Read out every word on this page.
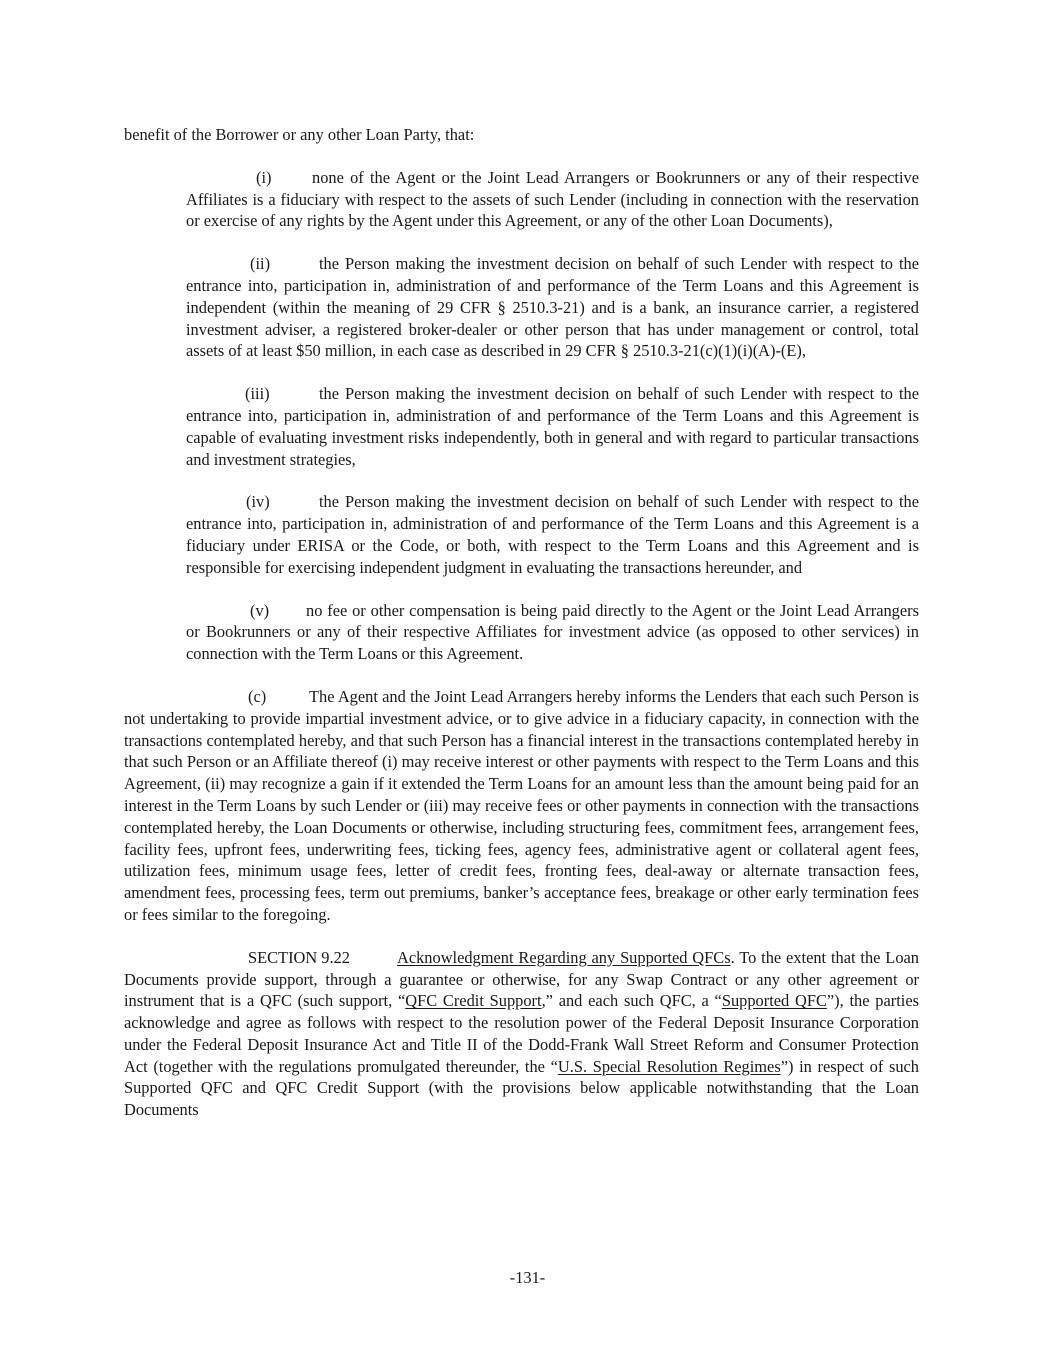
benefit of the Borrower or any other Loan Party, that:

(i) none of the Agent or the Joint Lead Arrangers or Bookrunners or any of their respective Affiliates is a fiduciary with respect to the assets of such Lender (including in connection with the reservation or exercise of any rights by the Agent under this Agreement, or any of the other Loan Documents),

(ii)	the Person making the investment decision on behalf of such Lender with respect to the entrance into, participation in, administration of and performance of the Term Loans and this Agreement is independent (within the meaning of 29 CFR § 2510.3-21) and is a bank, an insurance carrier, a registered investment adviser, a registered broker-dealer or other person that has under management or control, total assets of at least $50 million, in each case as described in 29 CFR § 2510.3-21(c)(1)(i)(A)-(E),

(iii)	the Person making the investment decision on behalf of such Lender with respect to the entrance into, participation in, administration of and performance of the Term Loans and this Agreement is capable of evaluating investment risks independently, both in general and with regard to particular transactions and investment strategies,

(iv)	the Person making the investment decision on behalf of such Lender with respect to the entrance into, participation in, administration of and performance of the Term Loans and this Agreement is a fiduciary under ERISA or the Code, or both, with respect to the Term Loans and this Agreement and is responsible for exercising independent judgment in evaluating the transactions hereunder, and

(v) no fee or other compensation is being paid directly to the Agent or the Joint Lead Arrangers or Bookrunners or any of their respective Affiliates for investment advice (as opposed to other services) in connection with the Term Loans or this Agreement.

(c)	The Agent and the Joint Lead Arrangers hereby informs the Lenders that each such Person is not undertaking to provide impartial investment advice, or to give advice in a fiduciary capacity, in connection with the transactions contemplated hereby, and that such Person has a financial interest in the transactions contemplated hereby in that such Person or an Affiliate thereof (i) may receive interest or other payments with respect to the Term Loans and this Agreement, (ii) may recognize a gain if it extended the Term Loans for an amount less than the amount being paid for an interest in the Term Loans by such Lender or (iii) may receive fees or other payments in connection with the transactions contemplated hereby, the Loan Documents or otherwise, including structuring fees, commitment fees, arrangement fees, facility fees, upfront fees, underwriting fees, ticking fees, agency fees, administrative agent or collateral agent fees, utilization fees, minimum usage fees, letter of credit fees, fronting fees, deal-away or alternate transaction fees, amendment fees, processing fees, term out premiums, banker’s acceptance fees, breakage or other early termination fees or fees similar to the foregoing.

SECTION 9.22	Acknowledgment Regarding any Supported QFCs. To the extent that the Loan Documents provide support, through a guarantee or otherwise, for any Swap Contract or any other agreement or instrument that is a QFC (such support, “QFC Credit Support,” and each such QFC, a “Supported QFC”), the parties acknowledge and agree as follows with respect to the resolution power of the Federal Deposit Insurance Corporation under the Federal Deposit Insurance Act and Title II of the Dodd-Frank Wall Street Reform and Consumer Protection Act (together with the regulations promulgated thereunder, the “U.S. Special Resolution Regimes”) in respect of such Supported QFC and QFC Credit Support (with the provisions below applicable notwithstanding that the Loan Documents

-131-
